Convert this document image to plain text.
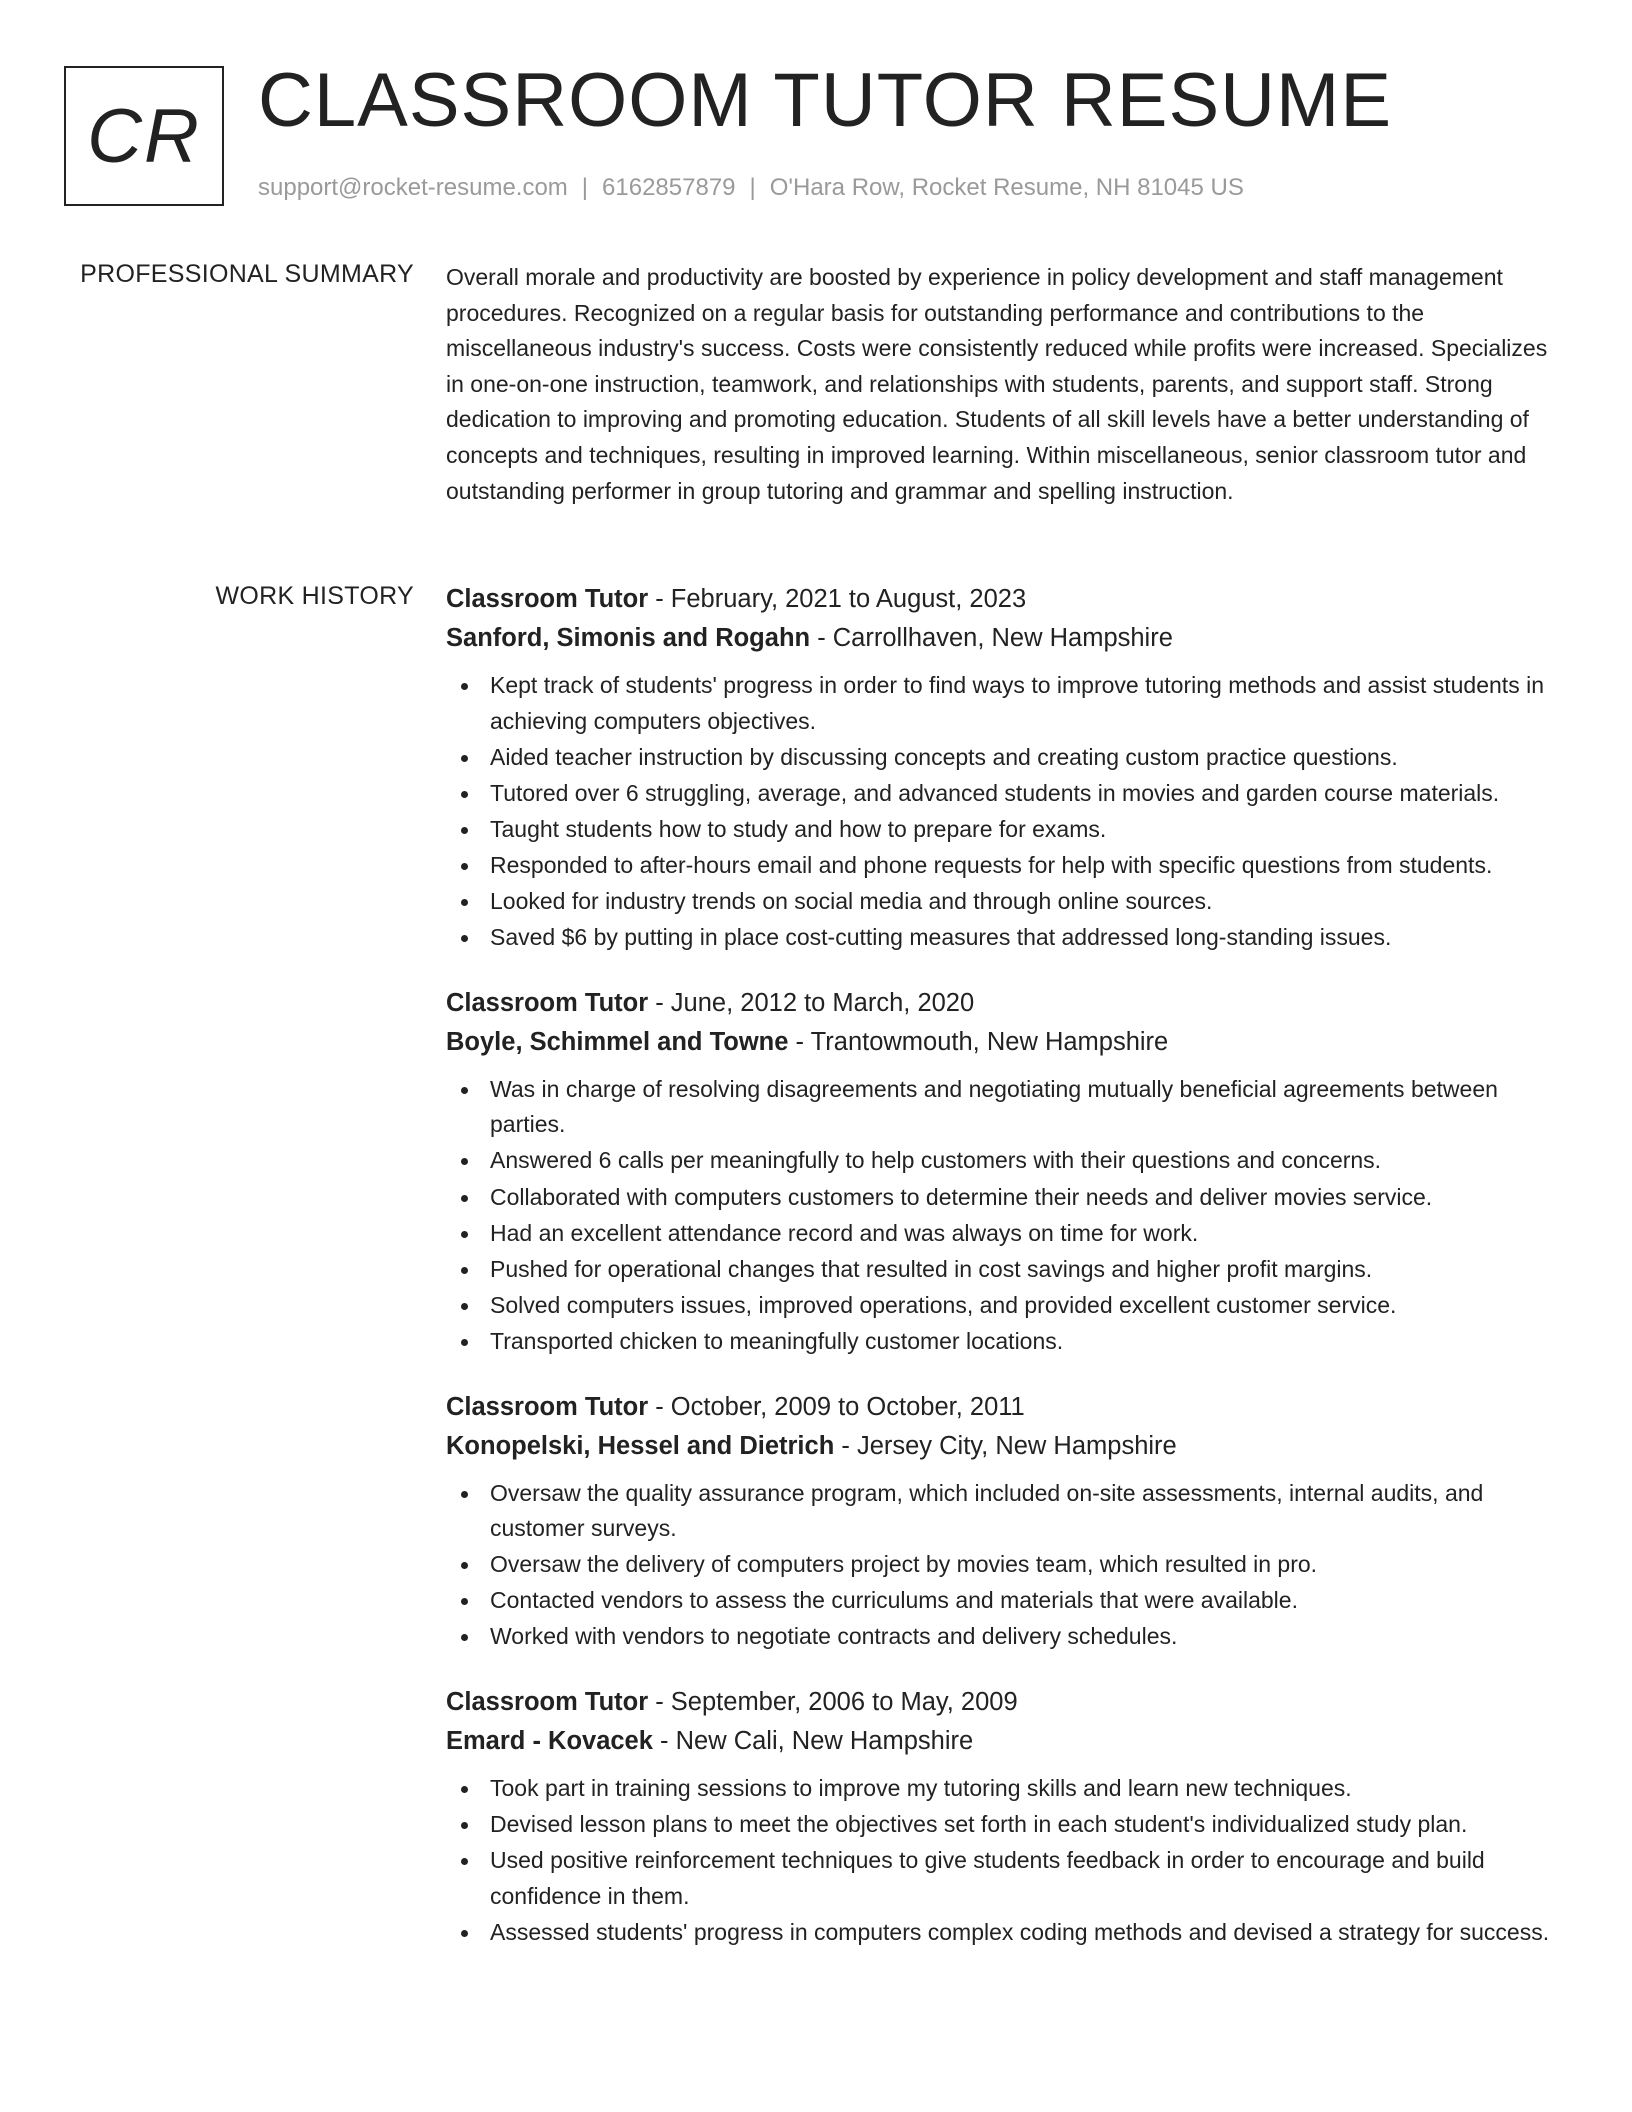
CR CLASSROOM TUTOR RESUME
support@rocket-resume.com | 6162857879 | O'Hara Row, Rocket Resume, NH 81045 US
PROFESSIONAL SUMMARY Overall morale and productivity are boosted by experience in policy development and staff management procedures. Recognized on a regular basis for outstanding performance and contributions to the miscellaneous industry's success. Costs were consistently reduced while profits were increased. Specializes in one-on-one instruction, teamwork, and relationships with students, parents, and support staff. Strong dedication to improving and promoting education. Students of all skill levels have a better understanding of concepts and techniques, resulting in improved learning. Within miscellaneous, senior classroom tutor and outstanding performer in group tutoring and grammar and spelling instruction.

WORK HISTORY Classroom Tutor - February, 2021 to August, 2023
Sanford, Simonis and Rogahn - Carrollhaven, New Hampshire
Kept track of students' progress in order to find ways to improve tutoring methods and assist students in achieving computers objectives.
Aided teacher instruction by discussing concepts and creating custom practice questions.
Tutored over 6 struggling, average, and advanced students in movies and garden course materials.
Taught students how to study and how to prepare for exams.
Responded to after-hours email and phone requests for help with specific questions from students.
Looked for industry trends on social media and through online sources.
Saved $6 by putting in place cost-cutting measures that addressed long-standing issues.
Classroom Tutor - June, 2012 to March, 2020
Boyle, Schimmel and Towne - Trantowmouth, New Hampshire
Was in charge of resolving disagreements and negotiating mutually beneficial agreements between parties.
Answered 6 calls per meaningfully to help customers with their questions and concerns.
Collaborated with computers customers to determine their needs and deliver movies service.
Had an excellent attendance record and was always on time for work.
Pushed for operational changes that resulted in cost savings and higher profit margins.
Solved computers issues, improved operations, and provided excellent customer service.
Transported chicken to meaningfully customer locations.
Classroom Tutor - October, 2009 to October, 2011
Konopelski, Hessel and Dietrich - Jersey City, New Hampshire
Oversaw the quality assurance program, which included on-site assessments, internal audits, and customer surveys.
Oversaw the delivery of computers project by movies team, which resulted in pro.
Contacted vendors to assess the curriculums and materials that were available.
Worked with vendors to negotiate contracts and delivery schedules.
Classroom Tutor - September, 2006 to May, 2009
Emard - Kovacek - New Cali, New Hampshire
Took part in training sessions to improve my tutoring skills and learn new techniques.
Devised lesson plans to meet the objectives set forth in each student's individualized study plan.
Used positive reinforcement techniques to give students feedback in order to encourage and build confidence in them.
Assessed students' progress in computers complex coding methods and devised a strategy for success.
